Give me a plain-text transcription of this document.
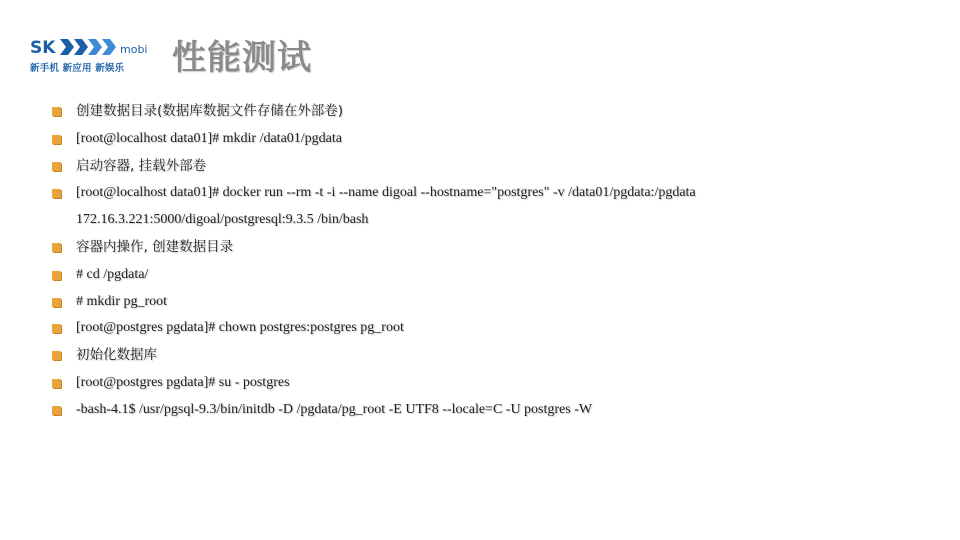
SK	mobi
新手机 新应用 新娱乐 性能测试
创建数据目录(数据库数据文件存储在外部卷)
[root@localhost data01]# mkdir /data01/pgdata
启动容器, 挂载外部卷
[root@localhost data01]# docker run --rm -t -i --name digoal --hostname="postgres" -v /data01/pgdata:/pgdata 172.16.3.221:5000/digoal/postgresql:9.3.5 /bin/bash
容器内操作, 创建数据目录
# cd /pgdata/
# mkdir pg_root
[root@postgres pgdata]# chown postgres:postgres pg_root
初始化数据库
[root@postgres pgdata]# su - postgres
-bash-4.1$ /usr/pgsql-9.3/bin/initdb -D /pgdata/pg_root -E UTF8 --locale=C -U postgres -W
